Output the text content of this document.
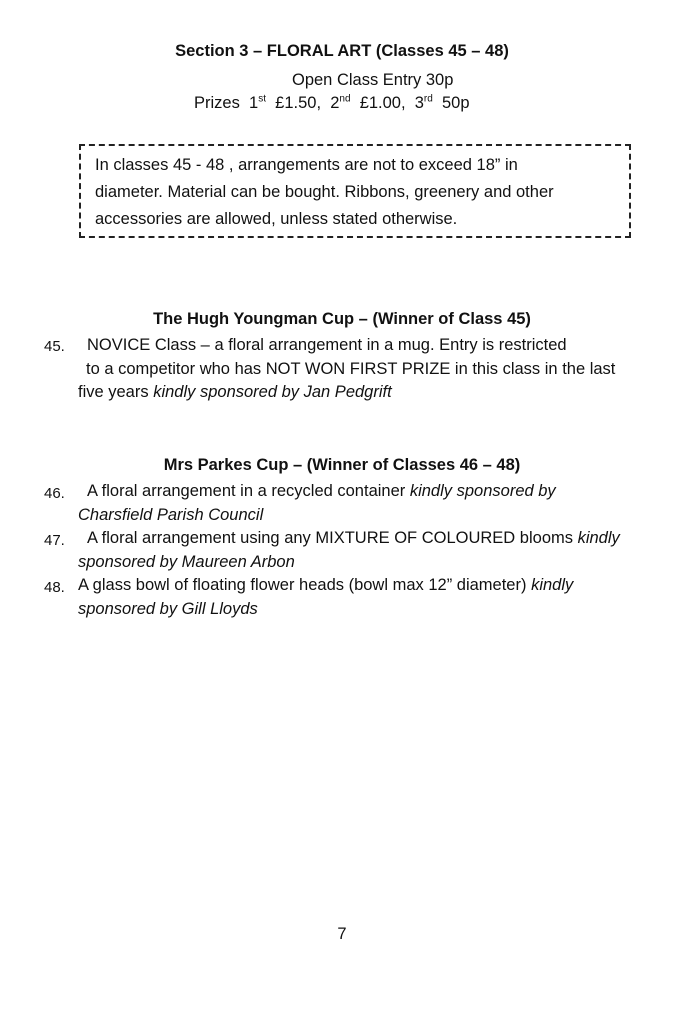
Section 3 – FLORAL ART (Classes 45 – 48)
Open Class Entry 30p
Prizes 1st £1.50, 2nd £1.00, 3rd 50p
In classes 45 - 48 , arrangements are not to exceed 18” in
diameter. Material can be bought. Ribbons, greenery and other
accessories are allowed, unless stated otherwise.
The Hugh Youngman Cup – (Winner of Class 45)
45. NOVICE Class – a floral arrangement in a mug. Entry is restricted
to a competitor who has NOT WON FIRST PRIZE in this class in the last
five years kindly sponsored by Jan Pedgrift
Mrs Parkes Cup – (Winner of Classes 46 – 48)
46. A floral arrangement in a recycled container kindly sponsored by
Charsfield Parish Council
47. A floral arrangement using any MIXTURE OF COLOURED blooms kindly
sponsored by Maureen Arbon
48. A glass bowl of floating flower heads (bowl max 12” diameter) kindly
sponsored by Gill Lloyds
7
